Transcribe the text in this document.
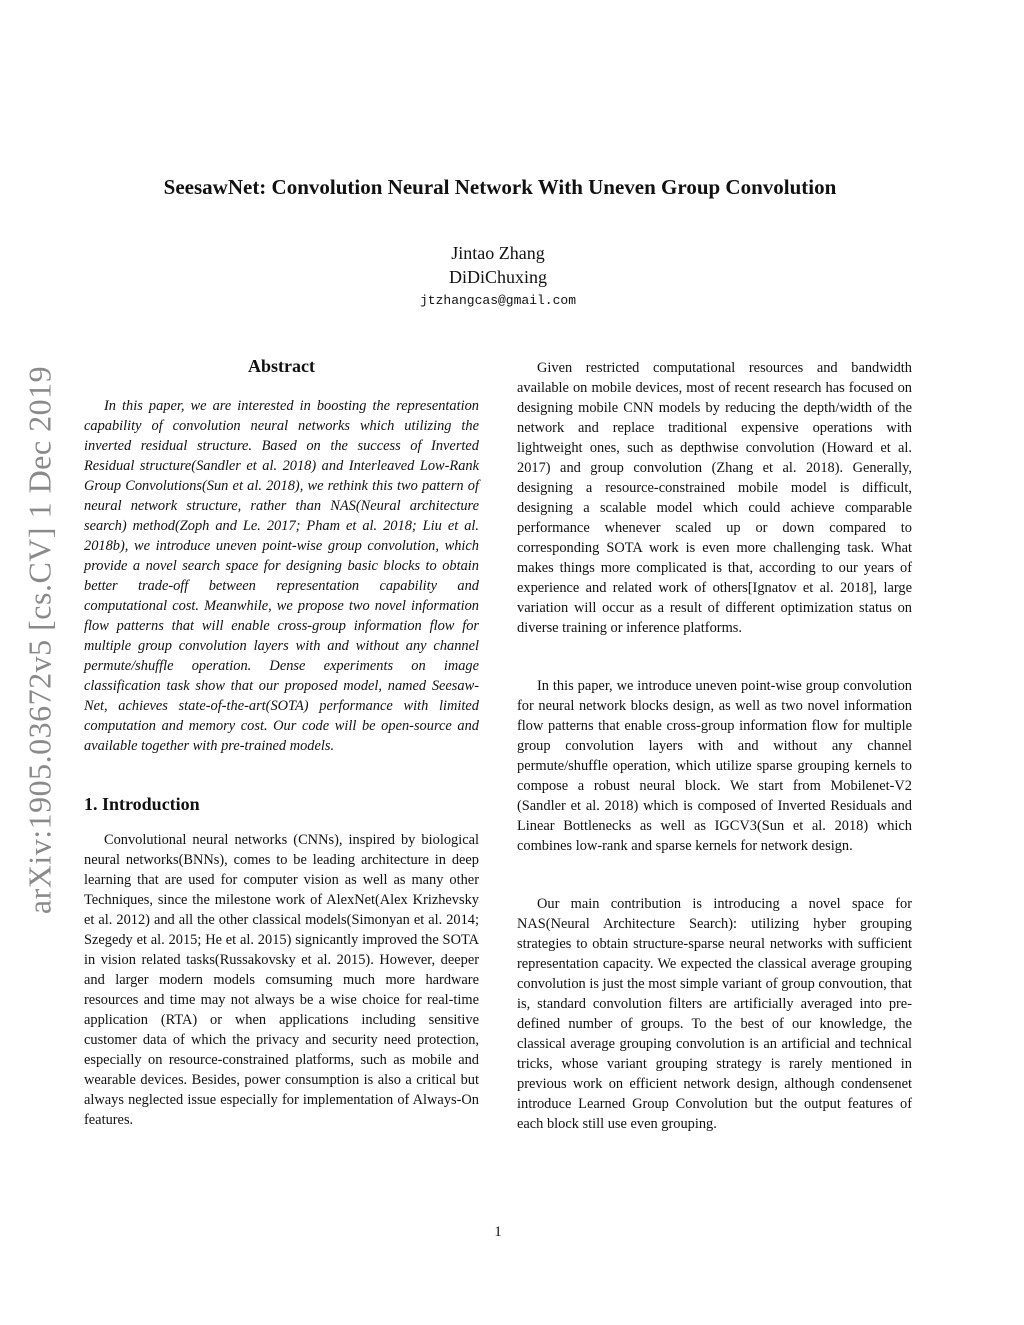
SeesawNet: Convolution Neural Network With Uneven Group Convolution

Jintao Zhang

DiDiChuxing

jtzhangcas@gmail.com

arXiv:1905.03672v5 [cs.CV] 1 Dec 2019	Abstract

In this paper, we are interested in boosting the representation capability of convolution neural networks which utilizing the inverted residual structure. Based on the success of Inverted Residual structure(Sandler et al. 2018) and Interleaved Low-Rank Group Convolutions(Sun et al. 2018), we rethink this two pattern of neural network structure, rather than NAS(Neural architecture search) method(Zoph and Le. 2017; Pham et al. 2018; Liu et al. 2018b), we introduce uneven point-wise group convolution, which provide a novel search space for designing basic blocks to obtain better trade-off between representation capability and computational cost. Meanwhile, we propose two novel information flow patterns that will enable cross-group information flow for multiple group convolution layers with and without any channel permute/shuffle operation. Dense experiments on image classification task show that our proposed model, named Seesaw-Net, achieves state-of-the-art(SOTA) performance with limited computation and memory cost. Our code will be open-source and available together with pre-trained models.

1. Introduction

Convolutional neural networks (CNNs), inspired by biological neural networks(BNNs), comes to be leading architecture in deep learning that are used for computer vision as well as many other Techniques, since the milestone work of AlexNet(Alex Krizhevsky et al. 2012) and all the other classical models(Simonyan et al. 2014; Szegedy et al. 2015; He et al. 2015) signicantly improved the SOTA in vision related tasks(Russakovsky et al. 2015). However, deeper and larger modern models comsuming much more hardware resources and time may not always be a wise choice for real-time application (RTA) or when applications including sensitive customer data of which the privacy and security need protection, especially on resource-constrained platforms, such as mobile and wearable devices. Besides, power consumption is also a critical but always neglected issue especially for implementation of Always-On features.

Given restricted computational resources and bandwidth available on mobile devices, most of recent research has focused on designing mobile CNN models by reducing the depth/width of the network and replace traditional expensive operations with lightweight ones, such as depthwise convolution (Howard et al. 2017) and group convolution (Zhang et al. 2018). Generally, designing a resource-constrained mobile model is difficult, designing a scalable model which could achieve comparable performance whenever scaled up or down compared to corresponding SOTA work is even more challenging task. What makes things more complicated is that, according to our years of experience and related work of others[Ignatov et al. 2018], large variation will occur as a result of different optimization status on diverse training or inference platforms.

In this paper, we introduce uneven point-wise group convolution for neural network blocks design, as well as two novel information flow patterns that enable cross-group information flow for multiple group convolution layers with and without any channel permute/shuffle operation, which utilize sparse grouping kernels to compose a robust neural block. We start from Mobilenet-V2 (Sandler et al. 2018) which is composed of Inverted Residuals and Linear Bottlenecks as well as IGCV3(Sun et al. 2018) which combines low-rank and sparse kernels for network design.

Our main contribution is introducing a novel space for NAS(Neural Architecture Search): utilizing hyber grouping strategies to obtain structure-sparse neural networks with sufficient representation capacity. We expected the classical average grouping convolution is just the most simple variant of group convoution, that is, standard convolution filters are artificially averaged into pre-defined number of groups. To the best of our knowledge, the classical average grouping convolution is an artificial and technical tricks, whose variant grouping strategy is rarely mentioned in previous work on efficient network design, although condensenet introduce Learned Group Convolution but the output features of each block still use even grouping.

1
